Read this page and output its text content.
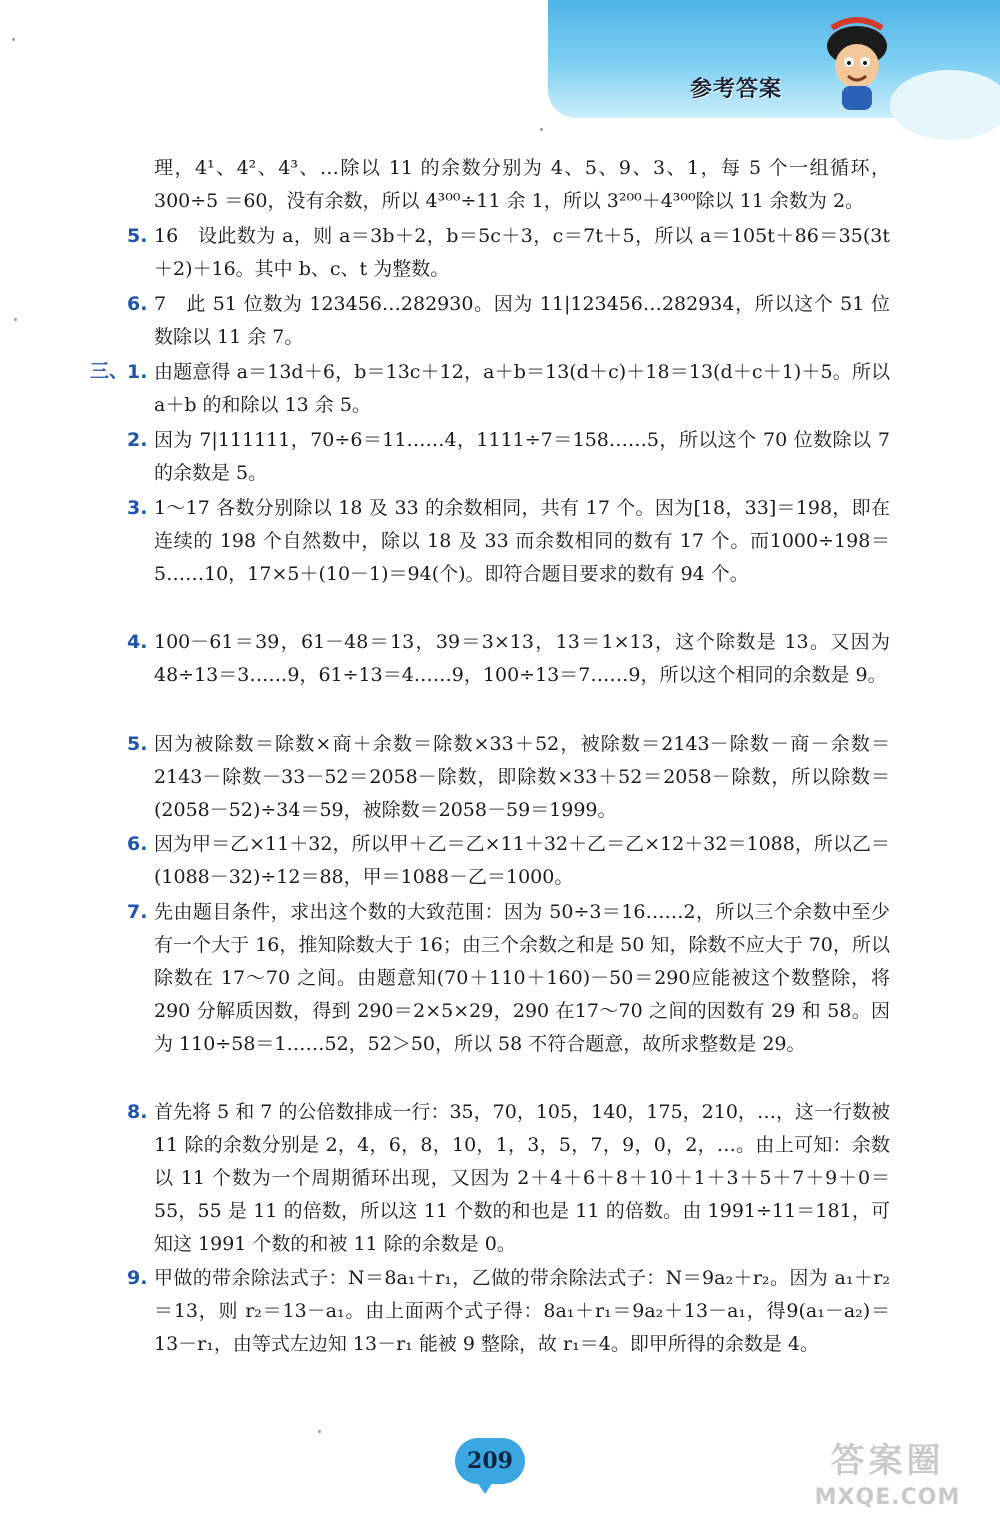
参考答案
理，4¹、4²、4³、…除以 11 的余数分别为 4、5、9、3、1，每 5 个一组循环，300÷5 ＝60，没有余数，所以 4³⁰⁰÷11 余 1，所以 3²⁰⁰＋4³⁰⁰除以 11 余数为 2。
5. 16　设此数为 a，则 a＝3b＋2，b＝5c＋3，c＝7t＋5，所以 a＝105t＋86＝35(3t＋2)＋16。其中 b、c、t 为整数。
6. 7　此 51 位数为 123456…282930。因为 11|123456…282934，所以这个 51 位数除以 11 余 7。
三、
1. 由题意得 a＝13d＋6，b＝13c＋12，a＋b＝13(d＋c)＋18＝13(d＋c＋1)＋5。所以 a＋b 的和除以 13 余 5。
2. 因为 7|111111，70÷6＝11……4，1111÷7＝158……5，所以这个 70 位数除以 7 的余数是 5。
3. 1～17 各数分别除以 18 及 33 的余数相同，共有 17 个。因为[18，33]＝198，即在连续的 198 个自然数中，除以 18 及 33 而余数相同的数有 17 个。而1000÷198＝5……10，17×5＋(10－1)＝94(个)。即符合题目要求的数有 94 个。
4. 100－61＝39，61－48＝13，39＝3×13，13＝1×13，这个除数是 13。又因为48÷13＝3……9，61÷13＝4……9，100÷13＝7……9，所以这个相同的余数是 9。
5. 因为被除数＝除数×商＋余数＝除数×33＋52，被除数＝2143－除数－商－余数＝2143－除数－33－52＝2058－除数，即除数×33＋52＝2058－除数，所以除数＝(2058－52)÷34＝59，被除数＝2058－59＝1999。
6. 因为甲＝乙×11＋32，所以甲＋乙＝乙×11＋32＋乙＝乙×12＋32＝1088，所以乙＝(1088－32)÷12＝88，甲＝1088－乙＝1000。
7. 先由题目条件，求出这个数的大致范围：因为 50÷3＝16……2，所以三个余数中至少有一个大于 16，推知除数大于 16；由三个余数之和是 50 知，除数不应大于 70，所以除数在 17～70 之间。由题意知(70＋110＋160)－50＝290应能被这个数整除，将 290 分解质因数，得到 290＝2×5×29，290 在17～70 之间的因数有 29 和 58。因为 110÷58＝1……52，52＞50，所以 58 不符合题意，故所求整数是 29。
8. 首先将 5 和 7 的公倍数排成一行：35，70，105，140，175，210，…，这一行数被 11 除的余数分别是 2，4，6，8，10，1，3，5，7，9，0，2，…。由上可知：余数以 11 个数为一个周期循环出现，又因为 2＋4＋6＋8＋10＋1＋3＋5＋7＋9＋0＝55，55 是 11 的倍数，所以这 11 个数的和也是 11 的倍数。由 1991÷11＝181，可知这 1991 个数的和被 11 除的余数是 0。
9. 甲做的带余除法式子：N＝8a₁＋r₁，乙做的带余除法式子：N＝9a₂＋r₂。因为 a₁＋r₂＝13，则 r₂＝13－a₁。由上面两个式子得：8a₁＋r₁＝9a₂＋13－a₁，得9(a₁－a₂)＝13－r₁，由等式左边知 13－r₁ 能被 9 整除，故 r₁＝4。即甲所得的余数是 4。
209	答案圈
MXQE.COM
